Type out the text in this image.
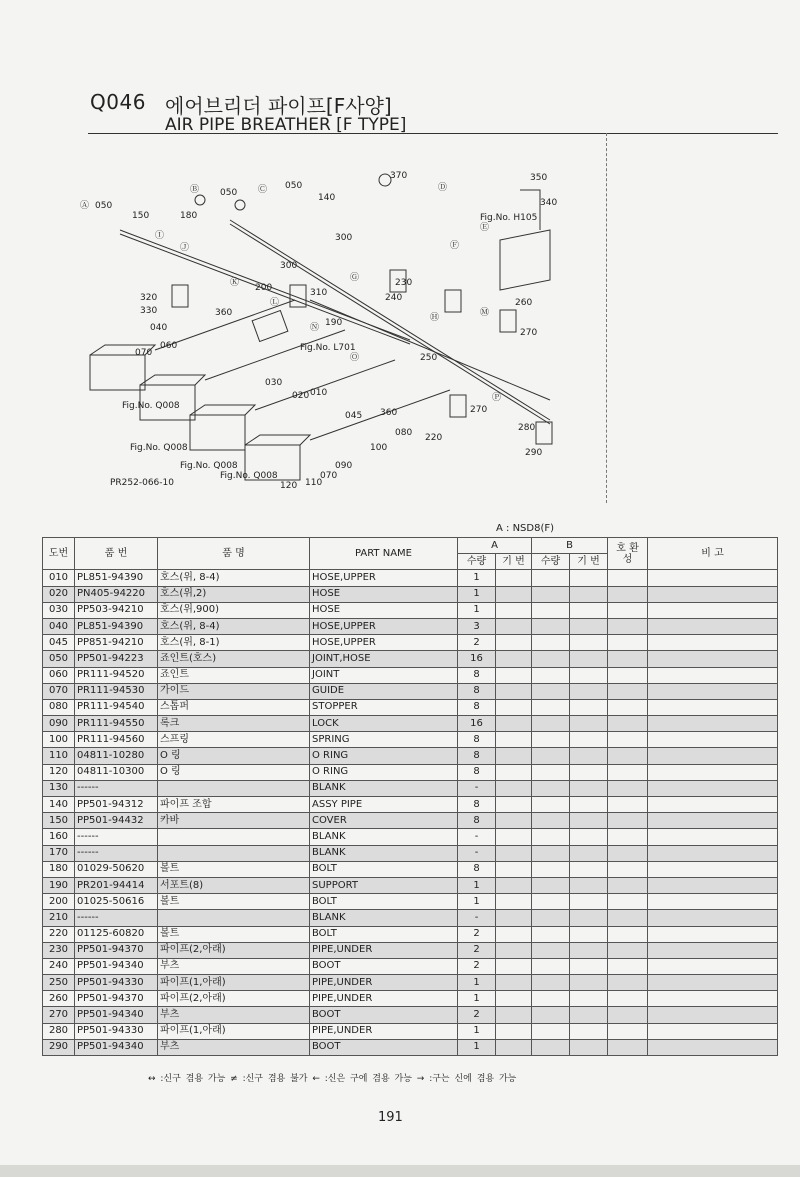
Q046 에어브리더 파이프[F사양]
AIR PIPE BREATHER [F TYPE]
Ⓐ
Ⓑ	Ⓒ	Ⓓ
Ⓔ
Ⓕ
Ⓖ
Ⓗ
Ⓘ
Ⓙ
Ⓚ
Ⓛ
Ⓜ
Ⓝ
Ⓞ
Ⓟ
050
050
050
180
150
140
370	350
340
300
300
200	310
320
330
190
040
360
070
060
230
240
250
260
270
270
280
290
220
100
090
070
110
120
010
020
030
045
080
360
Fig.No. Q008
Fig.No. Q008
Fig.No. Q008
Fig.No. Q008
Fig.No. H105
Fig.No. L701
PR252-066-10
A : NSD8(F)
도번	품 번	품 명	PART NAME	A		B		호 환 성	비 고
				수량	기 번	수량	기 번		
010	PL851-94390	호스(위, 8-4)	HOSE,UPPER	1					
020	PN405-94220	호스(위,2)	HOSE	1					
030	PP503-94210	호스(위,900)	HOSE	1					
040	PL851-94390	호스(위, 8-4)	HOSE,UPPER	3					
045	PP851-94210	호스(위, 8-1)	HOSE,UPPER	2					
050	PP501-94223	죠인트(호스)	JOINT,HOSE	16					
060	PR111-94520	죠인트	JOINT	8					
070	PR111-94530	가이드	GUIDE	8					
080	PR111-94540	스톱퍼	STOPPER	8					
090	PR111-94550	록크	LOCK	16					
100	PR111-94560	스프링	SPRING	8					
110	04811-10280	O 링	O RING	8					
120	04811-10300	O 링	O RING	8					
130	------		BLANK	-					
140	PP501-94312	파이프 조합	ASSY PIPE	8					
150	PP501-94432	카바	COVER	8					
160	------		BLANK	-					
170	------		BLANK	-					
180	01029-50620	볼트	BOLT	8					
190	PR201-94414	서포트(8)	SUPPORT	1					
200	01025-50616	볼트	BOLT	1					
210	------		BLANK	-					
220	01125-60820	볼트	BOLT	2					
230	PP501-94370	파이프(2,아래)	PIPE,UNDER	2					
240	PP501-94340	부츠	BOOT	2					
250	PP501-94330	파이프(1,아래)	PIPE,UNDER	1					
260	PP501-94370	파이프(2,아래)	PIPE,UNDER	1					
270	PP501-94340	부츠	BOOT	2					
280	PP501-94330	파이프(1,아래)	PIPE,UNDER	1					
290	PP501-94340	부츠	BOOT	1					
↔ :신구 겸용 가능 ≠ :신구 겸용 불가 ← :신은 구에 겸용 가능 → :구는 신에 겸용 가능
191
